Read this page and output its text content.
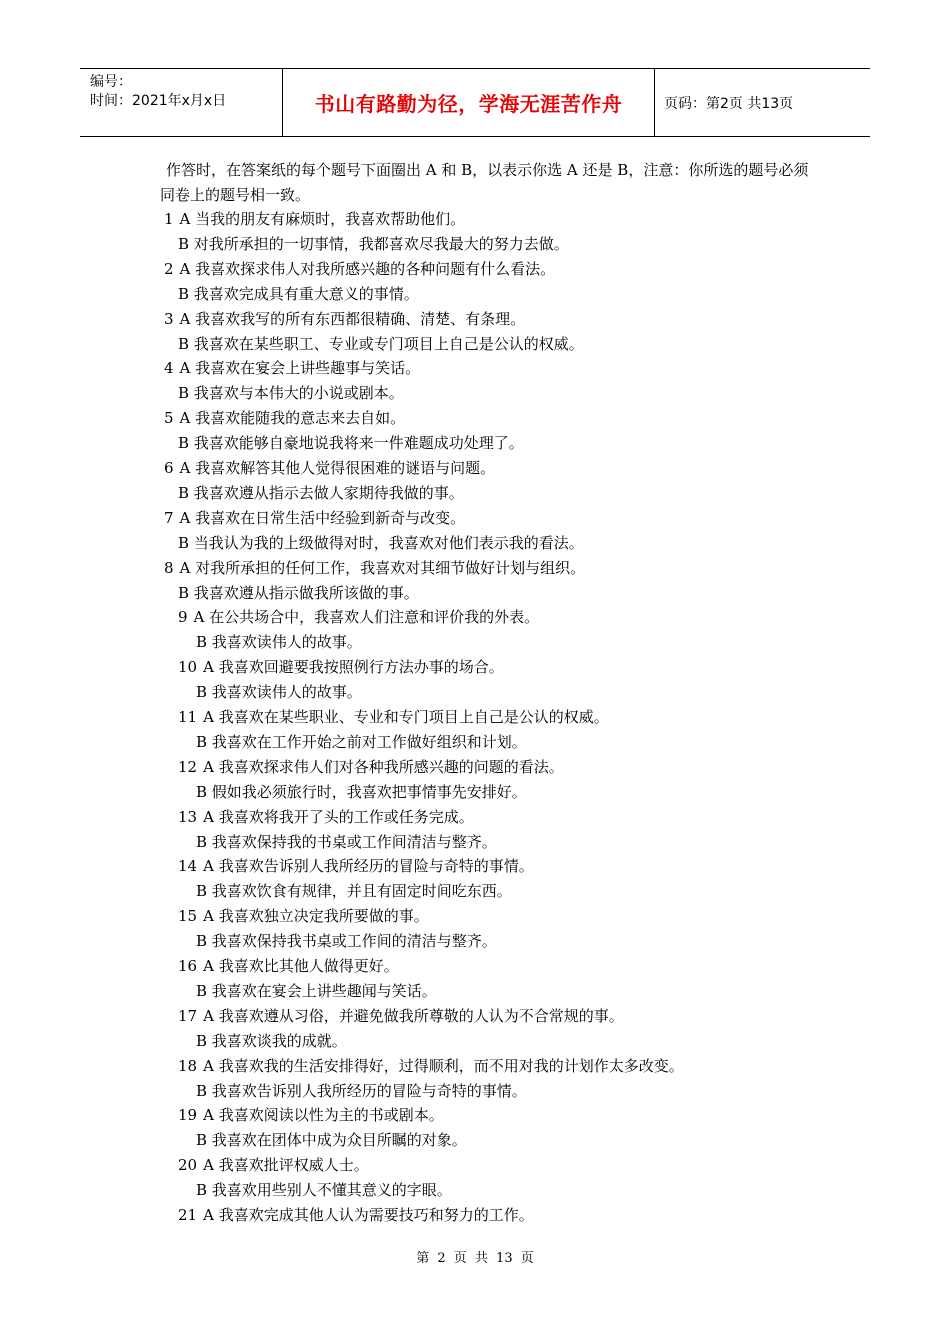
编号：
时间：2021年x月x日	书山有路勤为径，学海无涯苦作舟	页码：第2页 共13页
作答时，在答案纸的每个题号下面圈出 A 和 B，以表示你选 A 还是 B，注意：你所选的题号必须同卷上的题号相一致。
1 A 当我的朋友有麻烦时，我喜欢帮助他们。
B 对我所承担的一切事情，我都喜欢尽我最大的努力去做。
2 A 我喜欢探求伟人对我所感兴趣的各种问题有什么看法。
B 我喜欢完成具有重大意义的事情。
3 A 我喜欢我写的所有东西都很精确、清楚、有条理。
B 我喜欢在某些职工、专业或专门项目上自己是公认的权威。
4 A 我喜欢在宴会上讲些趣事与笑话。
B 我喜欢与本伟大的小说或剧本。
5 A 我喜欢能随我的意志来去自如。
B 我喜欢能够自豪地说我将来一件难题成功处理了。
6 A 我喜欢解答其他人觉得很困难的谜语与问题。
B 我喜欢遵从指示去做人家期待我做的事。
7 A 我喜欢在日常生活中经验到新奇与改变。
B 当我认为我的上级做得对时，我喜欢对他们表示我的看法。
8 A 对我所承担的任何工作，我喜欢对其细节做好计划与组织。
B 我喜欢遵从指示做我所该做的事。
9 A 在公共场合中，我喜欢人们注意和评价我的外表。
B 我喜欢读伟人的故事。
10 A 我喜欢回避要我按照例行方法办事的场合。
B 我喜欢读伟人的故事。
11 A 我喜欢在某些职业、专业和专门项目上自己是公认的权威。
B 我喜欢在工作开始之前对工作做好组织和计划。
12 A 我喜欢探求伟人们对各种我所感兴趣的问题的看法。
B 假如我必须旅行时，我喜欢把事情事先安排好。
13 A 我喜欢将我开了头的工作或任务完成。
B 我喜欢保持我的书桌或工作间清洁与整齐。
14 A 我喜欢告诉别人我所经历的冒险与奇特的事情。
B 我喜欢饮食有规律，并且有固定时间吃东西。
15 A 我喜欢独立决定我所要做的事。
B 我喜欢保持我书桌或工作间的清洁与整齐。
16 A 我喜欢比其他人做得更好。
B 我喜欢在宴会上讲些趣闻与笑话。
17 A 我喜欢遵从习俗，并避免做我所尊敬的人认为不合常规的事。
B 我喜欢谈我的成就。
18 A 我喜欢我的生活安排得好，过得顺利，而不用对我的计划作太多改变。
B 我喜欢告诉别人我所经历的冒险与奇特的事情。
19 A 我喜欢阅读以性为主的书或剧本。
B 我喜欢在团体中成为众目所瞩的对象。
20 A 我喜欢批评权威人士。
B 我喜欢用些别人不懂其意义的字眼。
21 A 我喜欢完成其他人认为需要技巧和努力的工作。
第 2 页 共 13 页
